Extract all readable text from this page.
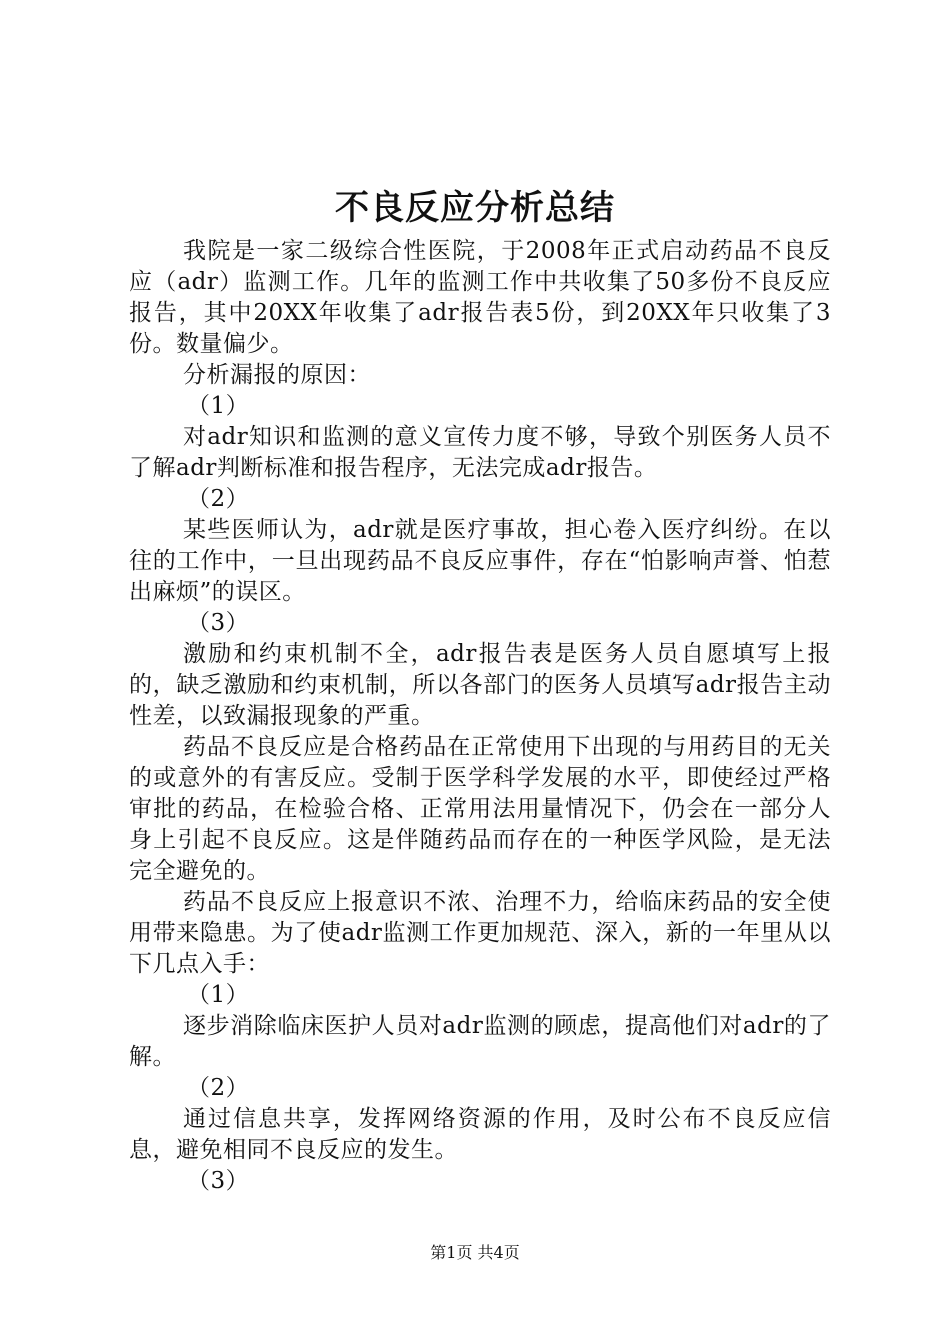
不良反应分析总结

我院是一家二级综合性医院，于2008年正式启动药品不良反应（adr）监测工作。几年的监测工作中共收集了50多份不良反应报告，其中20XX年收集了adr报告表5份，到20XX年只收集了3份。数量偏少。

分析漏报的原因：

（1）

对adr知识和监测的意义宣传力度不够，导致个别医务人员不了解adr判断标准和报告程序，无法完成adr报告。

（2）

某些医师认为，adr就是医疗事故，担心卷入医疗纠纷。在以往的工作中，一旦出现药品不良反应事件，存在“怕影响声誉、怕惹出麻烦”的误区。

（3）

激励和约束机制不全，adr报告表是医务人员自愿填写上报的，缺乏激励和约束机制，所以各部门的医务人员填写adr报告主动性差，以致漏报现象的严重。

药品不良反应是合格药品在正常使用下出现的与用药目的无关的或意外的有害反应。受制于医学科学发展的水平，即使经过严格审批的药品，在检验合格、正常用法用量情况下，仍会在一部分人身上引起不良反应。这是伴随药品而存在的一种医学风险，是无法完全避免的。

药品不良反应上报意识不浓、治理不力，给临床药品的安全使用带来隐患。为了使adr监测工作更加规范、深入，新的一年里从以下几点入手：

（1）

逐步消除临床医护人员对adr监测的顾虑，提高他们对adr的了解。

（2）

通过信息共享，发挥网络资源的作用，及时公布不良反应信息，避免相同不良反应的发生。

（3）

第1页 共4页
